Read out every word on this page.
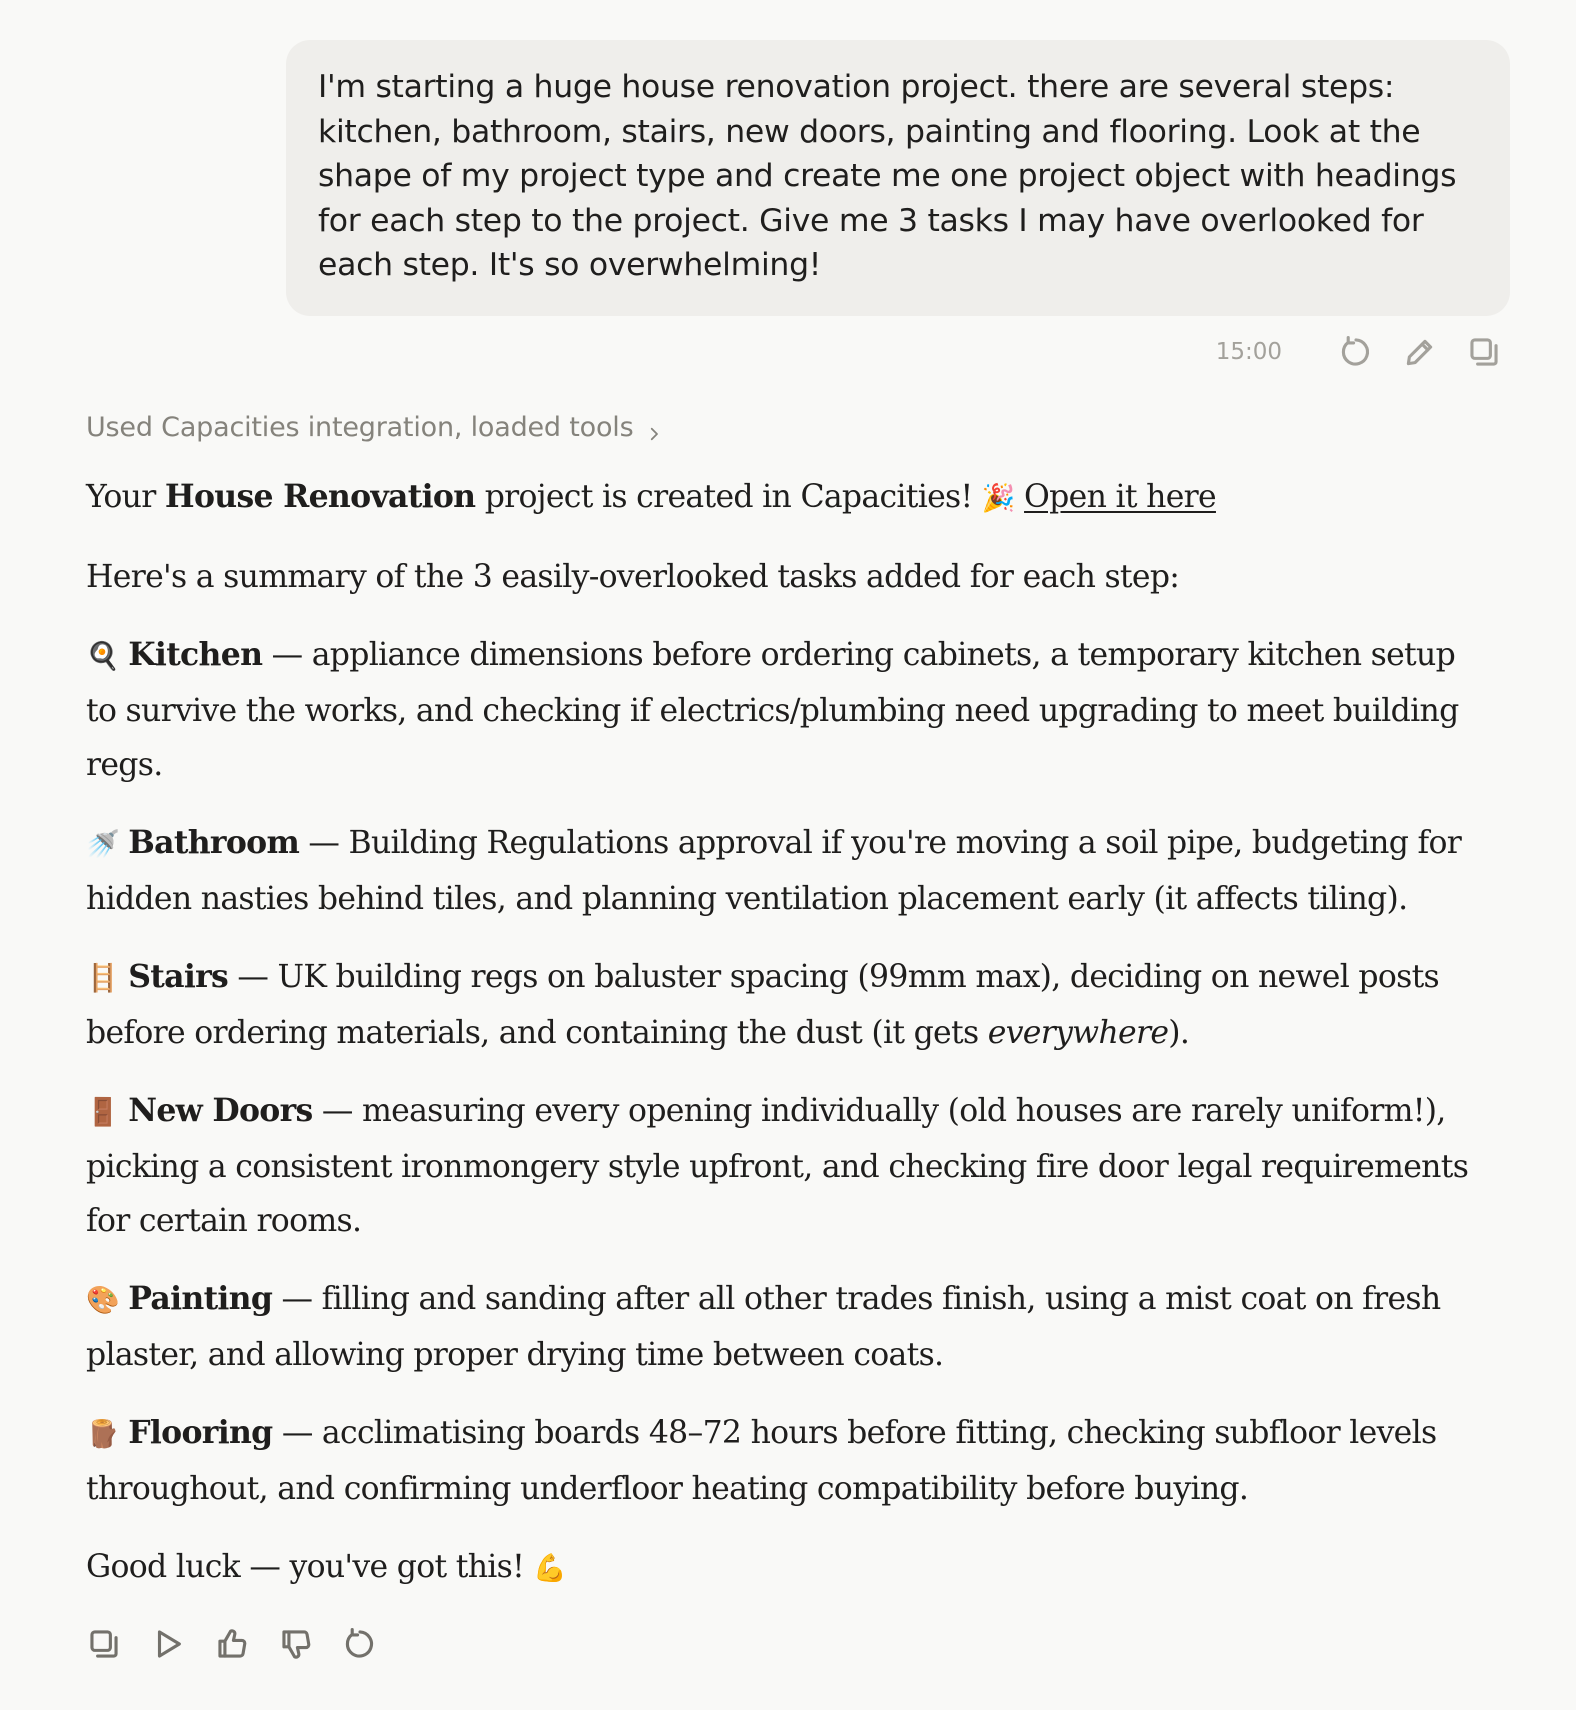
I'm starting a huge house renovation project. there are several steps: kitchen, bathroom, stairs, new doors, painting and flooring. Look at the shape of my project type and create me one project object with headings for each step to the project. Give me 3 tasks I may have overlooked for each step. It's so overwhelming!
15:00
Used Capacities integration, loaded tools

Your House Renovation project is created in Capacities! 🎉 Open it here

Here's a summary of the 3 easily-overlooked tasks added for each step:

🍳 Kitchen — appliance dimensions before ordering cabinets, a temporary kitchen setup to survive the works, and checking if electrics/plumbing need upgrading to meet building regs.

🚿 Bathroom — Building Regulations approval if you're moving a soil pipe, budgeting for hidden nasties behind tiles, and planning ventilation placement early (it affects tiling).

🪜 Stairs — UK building regs on baluster spacing (99mm max), deciding on newel posts before ordering materials, and containing the dust (it gets everywhere).

🚪 New Doors — measuring every opening individually (old houses are rarely uniform!), picking a consistent ironmongery style upfront, and checking fire door legal requirements for certain rooms.

🎨 Painting — filling and sanding after all other trades finish, using a mist coat on fresh plaster, and allowing proper drying time between coats.

🪵 Flooring — acclimatising boards 48–72 hours before fitting, checking subfloor levels throughout, and confirming underfloor heating compatibility before buying.

Good luck — you've got this! 💪
